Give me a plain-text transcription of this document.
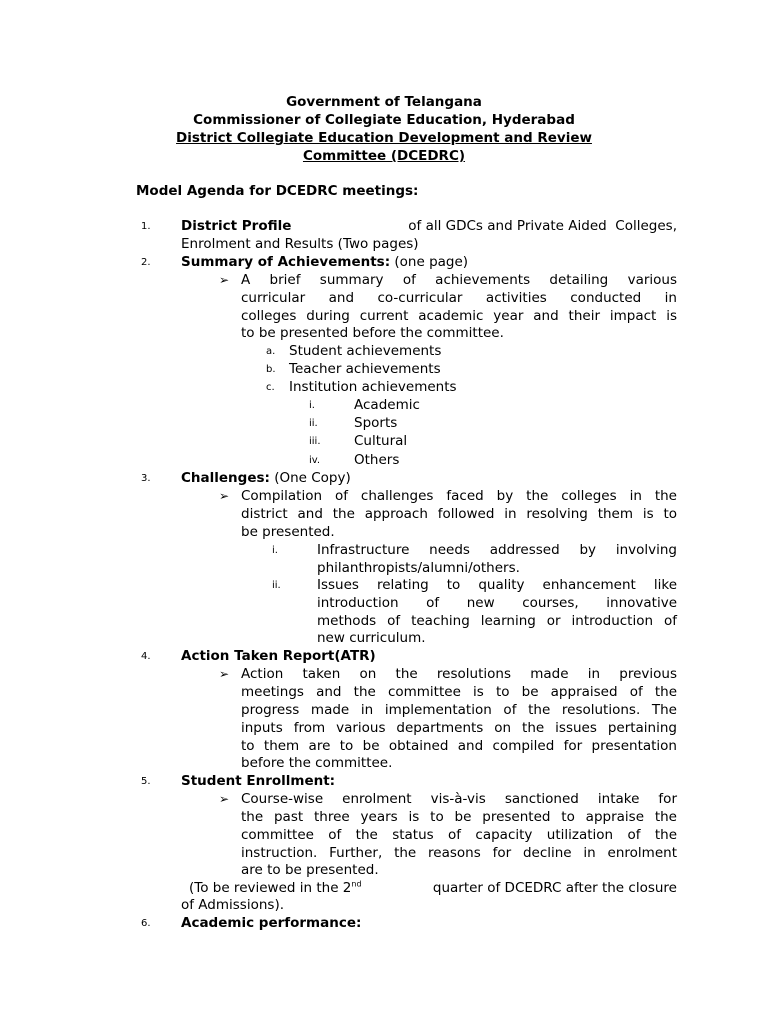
Government of Telangana
Commissioner of Collegiate Education, Hyderabad
District Collegiate Education Development and Review
Committee (DCEDRC)
Model Agenda for DCEDRC meetings:
1. District Profile	of all GDCs and Private Aided  Colleges,
Enrolment and Results (Two pages)
2. Summary of Achievements: (one page)
➢ A brief summary of achievements detailing various
curricular and co-curricular activities conducted in
colleges during current academic year and their impact is
to be presented before the committee.
a. Student achievements
b. Teacher achievements
c. Institution achievements
i.	Academic
ii.	Sports
iii. Cultural
iv.	Others
3. Challenges: (One Copy)
➢ Compilation of challenges faced by the colleges in the
district and the approach followed in resolving them is to
be presented.
i.	Infrastructure needs addressed by involving
philanthropists/alumni/others.
ii.	Issues relating to quality enhancement like
introduction of new courses, innovative
methods of teaching learning or introduction of
new curriculum.
4. Action Taken Report(ATR)
➢ Action taken on the resolutions made in previous
meetings and the committee is to be appraised of the
progress made in implementation of the resolutions. The
inputs from various departments on the issues pertaining
to them are to be obtained and compiled for presentation
before the committee.
5. Student Enrollment:
➢ Course-wise enrolment vis-à-vis sanctioned intake for
the past three years is to be presented to appraise the
committee of the status of capacity utilization of the
instruction. Further, the reasons for decline in enrolment
are to be presented.
(To be reviewed in the 2nd	quarter of DCEDRC after the closure
of Admissions).
6. Academic performance:
